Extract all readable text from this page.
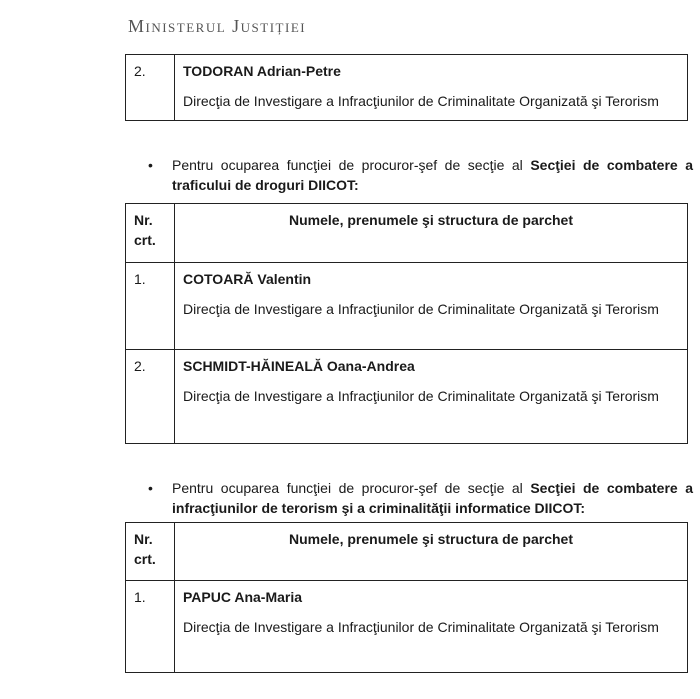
Ministerul Justiției
2.	TODORAN Adrian-Petre
Direcţia de Investigare a Infracţiunilor de Criminalitate Organizată şi Terorism
• Pentru ocuparea funcţiei de procuror-şef de secţie al Secţiei de combatere a traficului de droguri DIICOT:
Nr. crt.	Numele, prenumele şi structura de parchet
1.	COTOARĂ Valentin
Direcţia de Investigare a Infracţiunilor de Criminalitate Organizată şi Terorism

2.	SCHMIDT-HĂINEALĂ Oana-Andrea
Direcţia de Investigare a Infracţiunilor de Criminalitate Organizată şi Terorism
• Pentru ocuparea funcţiei de procuror-şef de secţie al Secţiei de combatere a infracţiunilor de terorism şi a criminalităţii informatice DIICOT:
Nr. crt.	Numele, prenumele şi structura de parchet
1.	PAPUC Ana-Maria
Direcţia de Investigare a Infracţiunilor de Criminalitate Organizată şi Terorism
